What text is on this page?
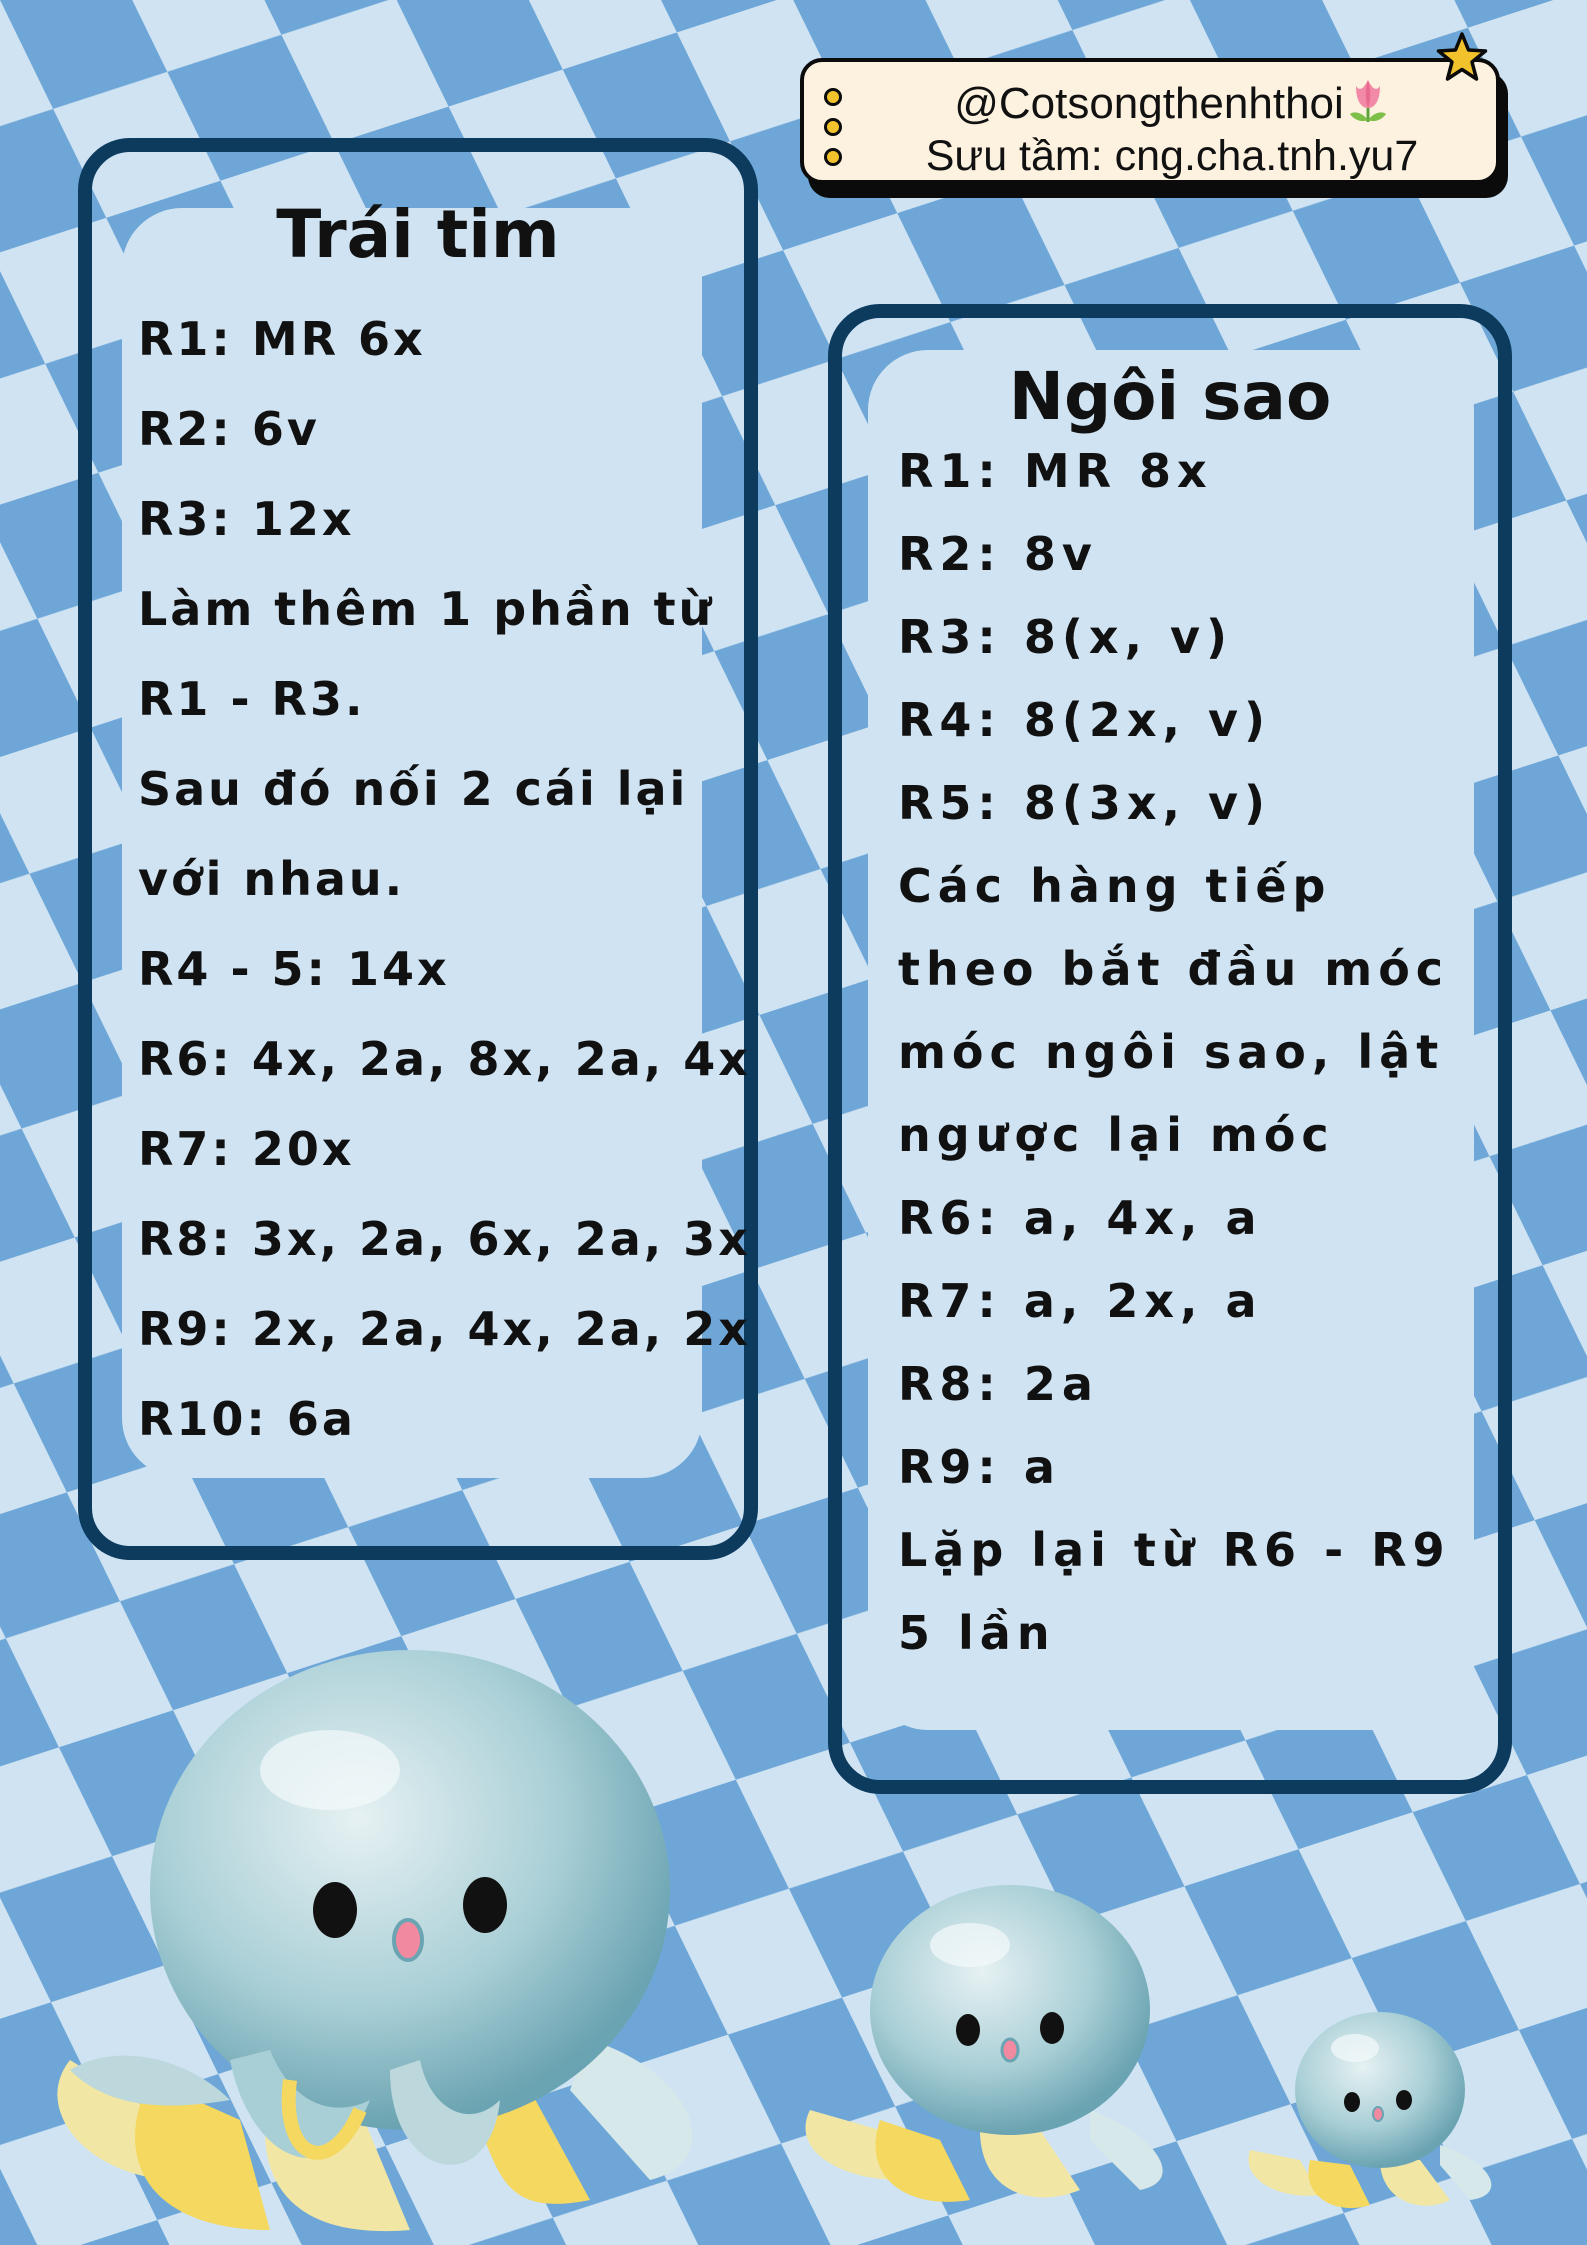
@Cotsongthenhthoi
Sưu tầm: cng.cha.tnh.yu7
Trái tim
R1: MR 6x
R2: 6v
R3: 12x
Làm thêm 1 phần từ
R1 - R3.
Sau đó nối 2 cái lại
với nhau.
R4 - 5: 14x
R6: 4x, 2a, 8x, 2a, 4x
R7: 20x
R8: 3x, 2a, 6x, 2a, 3x
R9: 2x, 2a, 4x, 2a, 2x
R10: 6a
Ngôi sao
R1: MR 8x
R2: 8v
R3: 8(x, v)
R4: 8(2x, v)
R5: 8(3x, v)
Các hàng tiếp
theo bắt đầu móc
móc ngôi sao, lật
ngược lại móc
R6: a, 4x, a
R7: a, 2x, a
R8: 2a
R9: a
Lặp lại từ R6 - R9
5 lần
